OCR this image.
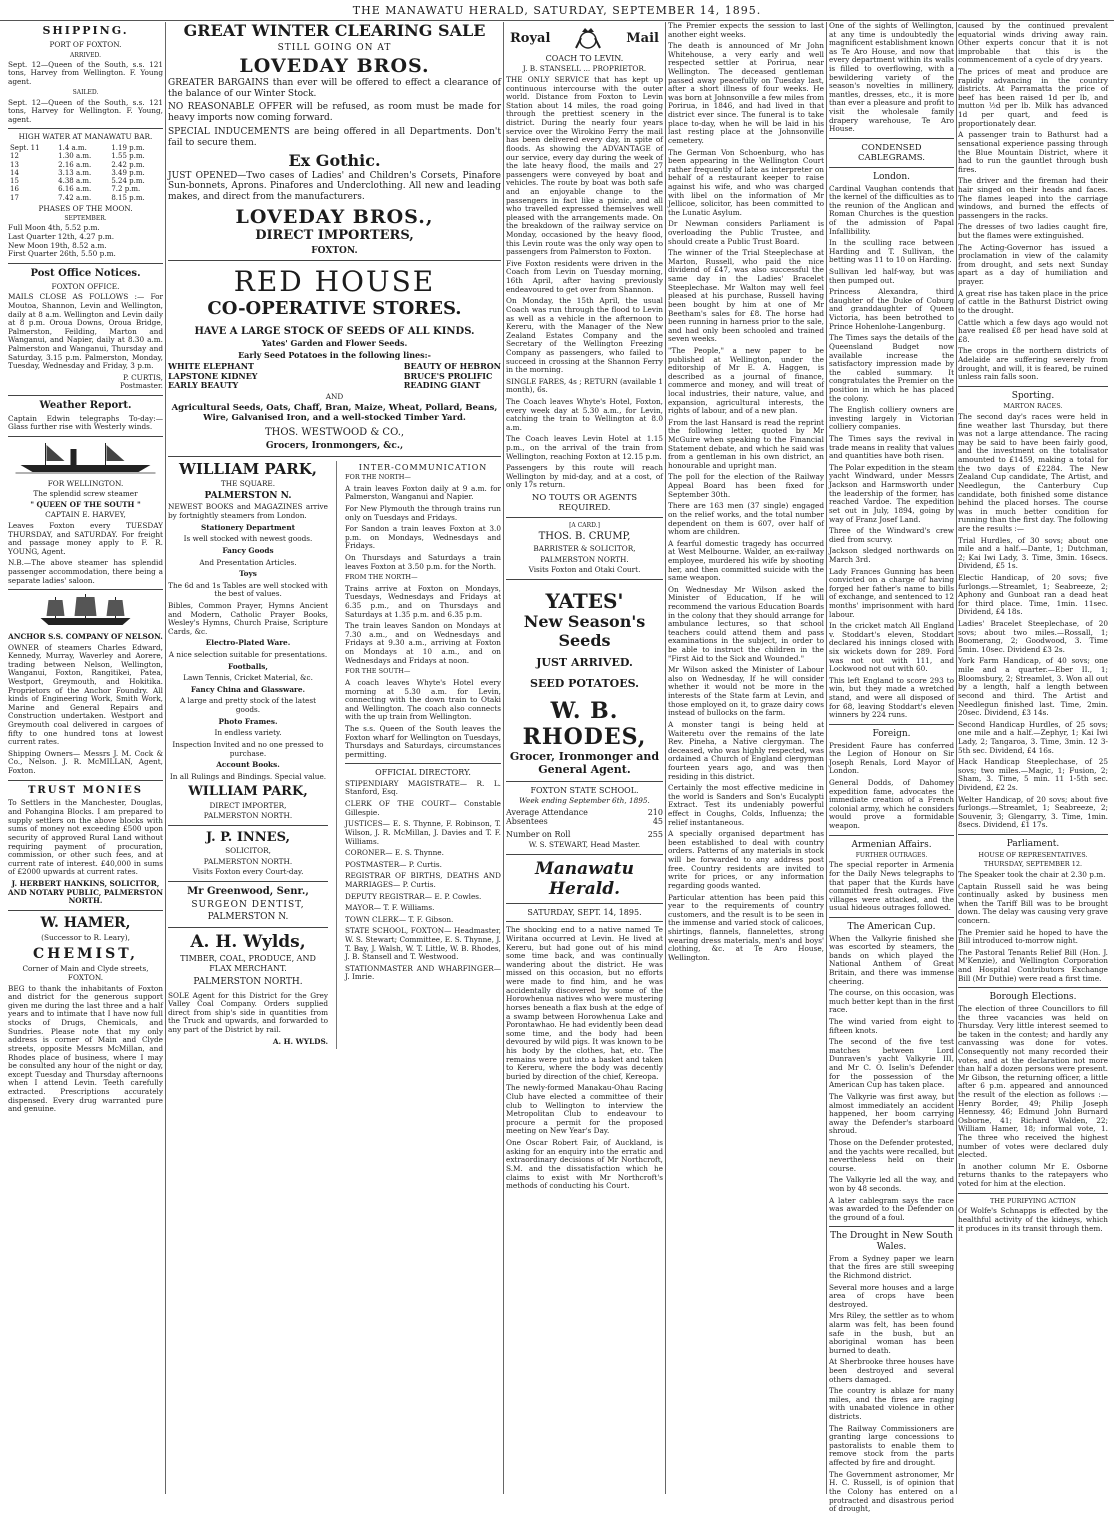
THE MANAWATU HERALD, SATURDAY, SEPTEMBER 14, 1895.
SHIPPING.
PORT OF FOXTON.
ARRIVED.

Sept. 12—Queen of the South, s.s. 121 tons, Harvey from Wellington. F. Young agent.

SAILED.

Sept. 12—Queen of the South, s.s. 121 tons, Harvey for Wellington. F. Young, agent.

HIGH WATER AT MANAWATU BAR.
Sept. 11	1.4 a.m.	1.19 p.m.
12	1.30 a.m.	1.55 p.m.
13	2.16 a.m.	2.42 p.m.
14	3.13 a.m.	3.49 p.m.
15	4.38 a.m.	5.24 p.m.
16	6.16 a.m.	7.2 p.m.
17	7.42 a.m.	8.15 p.m.
PHASES OF THE MOON.
SEPTEMBER.
Full Moon 4th, 5.52 p.m.
Last Quarter 12th, 4.27 p.m.
New Moon 19th, 8.52 a.m.
First Quarter 26th, 5.50 p.m.
Post Office Notices.
FOXTON OFFICE.

MAILS CLOSE AS FOLLOWS :— For Moutoa, Shannon, Levin and Wellington, daily at 8 a.m. Wellington and Levin daily at 8 p.m. Oroua Downs, Oroua Bridge, Palmerston, Feilding, Marton and Wanganui, and Napier, daily at 8.30 a.m. Palmerston and Wanganui, Thursday and Saturday, 3.15 p.m. Palmerston, Monday, Tuesday, Wednesday and Friday, 3 p.m.

P. CURTIS,

Postmaster.

Weather Report.

Captain Edwin telegraphs To-day:— Glass further rise with Westerly winds.

FOR WELLINGTON.
The splendid screw steamer
" QUEEN OF THE SOUTH "
CAPTAIN E. HARVEY,

Leaves Foxton every TUESDAY THURSDAY, and SATURDAY. For freight and passage money apply to F. R. YOUNG, Agent.

N.B.—The above steamer has splendid passenger accommodation, there being a separate ladies' saloon.

ANCHOR S.S. COMPANY OF NELSON.

OWNER of steamers Charles Edward, Kennedy, Murray, Waverley and Aorere, trading between Nelson, Wellington, Wanganui, Foxton, Rangitikei, Patea, Westport, Greymouth, and Hokitika. Proprietors of the Anchor Foundry. All kinds of Engineering Work, Smith Work, Marine and General Repairs and Construction undertaken. Westport and Greymouth coal delivered in cargoes of fifty to one hundred tons at lowest current rates.

Shipping Owners— Messrs J. M. Cock & Co., Nelson. J. R. McMILLAN, Agent, Foxton.

TRUST MONIES

To Settlers in the Manchester, Douglas, and Pohangina Blocks. I am prepared to supply settlers on the above blocks with sums of money not exceeding £500 upon security of approved Rural Land without requiring payment of procuration, commission, or other such fees, and at current rate of interest. £40,000 in sums of £2000 upwards at current rates.

J. HERBERT HANKINS, SOLICITOR, AND NOTARY PUBLIC, PALMERSTON NORTH.

W. HAMER,
(Successor to R. Leary),
CHEMIST,
Corner of Main and Clyde streets, FOXTON.

BEG to thank the inhabitants of Foxton and district for the generous support given me during the last three and a half years and to intimate that I have now full stocks of Drugs, Chemicals, and Sundries. Please note that my only address is corner of Main and Clyde streets, opposite Messrs McMillan, and Rhodes place of business, where I may be consulted any hour of the night or day, except Tuesday and Thursday afternoons when I attend Levin. Teeth carefully extracted. Prescriptions accurately dispensed. Every drug warranted pure and genuine.

GREAT WINTER CLEARING SALE
STILL GOING ON AT
LOVEDAY BROS.

GREATER BARGAINS than ever will be offered to effect a clearance of the balance of our Winter Stock.

NO REASONABLE OFFER will be refused, as room must be made for heavy imports now coming forward.

SPECIAL INDUCEMENTS are being offered in all Departments. Don't fail to secure them.

Ex Gothic.

JUST OPENED—Two cases of Ladies' and Children's Corsets, Pinafore Sun-bonnets, Aprons. Pinafores and Underclothing. All new and leading makes, and direct from the manufacturers.

LOVEDAY BROS.,
DIRECT IMPORTERS,
FOXTON.
RED HOUSE
CO-OPERATIVE STORES.
HAVE A LARGE STOCK OF SEEDS OF ALL KINDS.
Yates' Garden and Flower Seeds.
Early Seed Potatoes in the following lines:-
WHITE ELEPHANT
LAPSTONE KIDNEY
EARLY BEAUTY
BEAUTY OF HEBRON
BRUCE'S PROLIFIC
READING GIANT
AND
Agricultural Seeds, Oats, Chaff, Bran, Maize, Wheat, Pollard, Beans, Wire, Galvanised Iron, and a well-stocked Timber Yard.
THOS. WESTWOOD & CO.,
Grocers, Ironmongers, &c.,
WILLIAM PARK,
THE SQUARE.
PALMERSTON N.

NEWEST BOOKS and MAGAZINES arrive by fortnightly steamers from London.

Stationery Department

Is well stocked with newest goods.

Fancy Goods

And Presentation Articles.

Toys

The 6d and 1s Tables are well stocked with the best of values.

Bibles, Common Prayer, Hymns Ancient and Modern, Catholic Prayer Books, Wesley's Hymns, Church Praise, Scripture Cards, &c.

Electro-Plated Ware.

A nice selection suitable for presentations.

Footballs,

Lawn Tennis, Cricket Material, &c.

Fancy China and Glassware.

A large and pretty stock of the latest goods.

Photo Frames.

In endless variety.

Inspection Invited and no one pressed to purchase.

Account Books.

In all Rulings and Bindings. Special value.

WILLIAM PARK,
DIRECT IMPORTER,
PALMERSTON NORTH.
J. P. INNES,
SOLICITOR,
PALMERSTON NORTH.
Visits Foxton every Court-day.
Mr Greenwood, Senr.,
SURGEON DENTIST,
PALMERSTON N.
A. H. Wylds,
TIMBER, COAL, PRODUCE, AND FLAX MERCHANT.
PALMERSTON NORTH.

SOLE Agent for this District for the Grey Valley Coal Company. Orders supplied direct from ship's side in quantities from the Truck and upwards, and forwarded to any part of the District by rail.

A. H. WYLDS.

INTER-COMMUNICATION

FOR THE NORTH—

A train leaves Foxton daily at 9 a.m. for Palmerston, Wanganui and Napier.

For New Plymouth the through trains run only on Tuesdays and Fridays.

For Sandon a train leaves Foxton at 3.0 p.m. on Mondays, Wednesdays and Fridays.

On Thursdays and Saturdays a train leaves Foxton at 3.50 p.m. for the North.

FROM THE NORTH—

Trains arrive at Foxton on Mondays, Tuesdays, Wednesdays and Fridays at 6.35 p.m., and on Thursdays and Saturdays at 1.35 p.m. and 6.35 p.m.

The train leaves Sandon on Mondays at 7.30 a.m., and on Wednesdays and Fridays at 9.30 a.m., arriving at Foxton on Mondays at 10 a.m., and on Wednesdays and Fridays at noon.

FOR THE SOUTH—

A coach leaves Whyte's Hotel every morning at 5.30 a.m. for Levin, connecting with the down train to Otaki and Wellington. The coach also connects with the up train from Wellington.

The s.s. Queen of the South leaves the Foxton wharf for Wellington on Tuesdays, Thursdays and Saturdays, circumstances permitting.

OFFICIAL DIRECTORY.

STIPENDIARY MAGISTRATE— R. L. Stanford, Esq.

CLERK OF THE COURT— Constable Gillespie.

JUSTICES— E. S. Thynne, F. Robinson, T. Wilson, J. R. McMillan, J. Davies and T. F. Williams.

CORONER— E. S. Thynne.

POSTMASTER— P. Curtis.

REGISTRAR OF BIRTHS, DEATHS AND MARRIAGES— P. Curtis.

DEPUTY REGISTRAR— E. P. Cowles.

MAYOR— T. F. Williams.

TOWN CLERK— T. F. Gibson.

STATE SCHOOL, FOXTON— Headmaster, W. S. Stewart; Committee, E. S. Thynne, J. T. Bay, J. Walsh, W. T. Little, W. B. Rhodes, J. B. Stansell and T. Westwood.

STATIONMASTER AND WHARFINGER— J. Imrie.

Royal	Mail
COACH TO LEVIN.
J. B. STANSELL ... PROPRIETOR.

THE ONLY SERVICE that has kept up continuous intercourse with the outer world. Distance from Foxton to Levin Station about 14 miles, the road going through the prettiest scenery in the district. During the nearly four years service over the Wirokino Ferry the mail has been delivered every day, in spite of floods. As showing the ADVANTAGE of our service, every day during the week of the late heavy flood, the mails and 27 passengers were conveyed by boat and vehicles. The route by boat was both safe and an enjoyable change to the passengers in fact like a picnic, and all who travelled expressed themselves well pleased with the arrangements made. On the breakdown of the railway service on Monday, occasioned by the heavy flood, this Levin route was the only way open to passengers from Palmerston to Foxton.

Five Foxton residents were driven in the Coach from Levin on Tuesday morning, 16th April, after having previously endeavoured to get over from Shannon.

On Monday, the 15th April, the usual Coach was run through the flood to Levin as well as a vehicle in the afternoon to Kereru, with the Manager of the New Zealand Estates Company and the Secretary of the Wellington Freezing Company as passengers, who failed to succeed in crossing at the Shannon Ferry in the morning.

SINGLE FARES, 4s ; RETURN (available 1 month), 6s.

The Coach leaves Whyte's Hotel, Foxton, every week day at 5.30 a.m., for Levin, catching the train to Wellington at 8.0 a.m.

The Coach leaves Levin Hotel at 1.15 p.m., on the arrival of the train from Wellington, reaching Foxton at 12.15 p.m.

Passengers by this route will reach Wellington by mid-day, and at a cost, of only 17s return.

NO TOUTS OR AGENTS REQUIRED.
[A CARD.]
THOS. B. CRUMP,
BARRISTER & SOLICITOR,
PALMERSTON NORTH.
Visits Foxton and Otaki Court.
YATES'
New Season's Seeds
JUST ARRIVED.
SEED POTATOES.
W. B. RHODES,
Grocer, Ironmonger and General Agent.
FOXTON STATE SCHOOL.
Week ending September 6th, 1895.
Average Attendance	210
Absentees	45
Number on Roll	255
W. S. STEWART, Head Master.
Manawatu Herald.
SATURDAY, SEPT. 14, 1895.

The shocking end to a native named Te Wiritana occurred at Levin. He lived at Kereru, but had gone out of his mind some time back, and was continually wandering about the district. He was missed on this occasion, but no efforts were made to find him, and he was accidentally discovered by some of the Horowhenua natives who were mustering horses beneath a flax bush at the edge of a swamp between Horowhenua Lake and Porontawhao. He had evidently been dead some time, and the body had been devoured by wild pigs. It was known to be his body by the clothes, hat, etc. The remains were put into a basket and taken to Kereru, where the body was decently buried by direction of the chief, Kereopa.

The newly-formed Manakau-Ohau Racing Club have elected a committee of their club to Wellington to interview the Metropolitan Club to endeavour to procure a permit for the proposed meeting on New Year's Day.

One Oscar Robert Fair, of Auckland, is asking for an enquiry into the erratic and extraordinary decisions of Mr Northcroft, S.M. and the dissatisfaction which he claims to exist with Mr Northcroft's methods of conducting his Court.

The Premier expects the session to last another eight weeks.

The death is announced of Mr John Whitehouse, a very early and well respected settler at Porirua, near Wellington. The deceased gentleman passed away peacefully on Tuesday last, after a short illness of four weeks. He was born at Johnsonville a few miles from Porirua, in 1846, and had lived in that district ever since. The funeral is to take place to-day, when he will be laid in his last resting place at the Johnsonville cemetery.

The German Von Schoenburg, who has been appearing in the Wellington Court rather frequently of late as interpreter on behalf of a restaurant keeper to raise against his wife, and who was charged with libel on the information of Mr Jellicoe, solicitor, has been committed to the Lunatic Asylum.

Dr Newman considers Parliament is overloading the Public Trustee, and should create a Public Trust Board.

The winner of the Trial Steeplechase at Marton, Russell, who paid the nice dividend of £47, was also successful the same day in the Ladies' Bracelet Steeplechase. Mr Walton may well feel pleased at his purchase, Russell having been bought by him at one of Mr Beetham's sales for £8. The horse had been running in harness prior to the sale, and had only been schooled and trained seven weeks.

"The People," a new paper to be published at Wellington, under the editorship of Mr E. A. Haggen, is described as a journal of finance, commerce and money, and will treat of local industries, their nature, value, and expansion, agricultural interests, the rights of labour, and of a new plan.

From the last Hansard is read the reprint the following letter, quoted by Mr McGuire when speaking to the Financial Statement debate, and which he said was from a gentleman in his own district, an honourable and upright man.

The poll for the election of the Railway Appeal Board has been fixed for September 30th.

There are 163 men (37 single) engaged on the relief works, and the total number dependent on them is 607, over half of whom are children.

A fearful domestic tragedy has occurred at West Melbourne. Walder, an ex-railway employee, murdered his wife by shooting her, and then committed suicide with the same weapon.

On Wednesday Mr Wilson asked the Minister of Education, If he will recommend the various Education Boards in the colony that they should arrange for ambulance lectures, so that school teachers could attend them and pass examinations in the subject, in order to be able to instruct the children in the "First Aid to the Sick and Wounded."

Mr Wilson asked the Minister of Labour also on Wednesday, If he will consider whether it would not be more in the interests of the State farm at Levin, and those employed on it, to graze dairy cows instead of bullocks on the farm.

A monster tangi is being held at Waiteretu over the remains of the late Rev. Pineha, a Native clergyman. The deceased, who was highly respected, was ordained a Church of England clergyman fourteen years ago, and was then residing in this district.

Certainly the most effective medicine in the world is Sanders and Son's Eucalypti Extract. Test its undeniably powerful effect in Coughs, Colds, Influenza; the relief instantaneous.

A specially organised department has been established to deal with country orders. Patterns of any materials in stock will be forwarded to any address post free. Country residents are invited to write for prices, or any information regarding goods wanted.

Particular attention has been paid this year to the requirements of country customers, and the result is to be seen in the immense and varied stock of calicoes, shirtings, flannels, flannelettes, strong wearing dress materials, men's and boys' clothing, &c. at Te Aro House, Wellington.

One of the sights of Wellington, at any time is undoubtedly the magnificent establishment known as Te Aro House, and now that every department within its walls is filled to overflowing, with a bewildering variety of the season's novelties in millinery, mantles, dresses, etc., it is more than ever a pleasure and profit to visit the wholesale family drapery warehouse, Te Aro House.

CONDENSED CABLEGRAMS.
London.

Cardinal Vaughan contends that the kernel of the difficulties as to the reunion of the Anglican and Roman Churches is the question of the admission of Papal Infallibility.

In the sculling race between Harding and T. Sullivan, the betting was 11 to 10 on Harding.

Sullivan led half-way, but was then pumped out.

Princess Alexandra, third daughter of the Duke of Coburg and granddaughter of Queen Victoria, has been betrothed to Prince Hohenlohe-Langenburg.

The Times says the details of the Queensland Budget now available increase the satisfactory impression made by the cabled summary. It congratulates the Premier on the position in which he has placed the colony.

The English colliery owners are investing largely in Victorian colliery companies.

The Times says the revival in trade means in reality that values and quantities have both risen.

The Polar expedition in the steam yacht Windward, under Messrs Jackson and Harmsworth under the leadership of the former, has reached Vardoe. The expedition set out in July, 1894, going by way of Franz Josef Land.

Three of the Windward's crew died from scurvy.

Jackson sledged northwards on March 3rd.

Lady Frances Gunning has been convicted on a charge of having forged her father's name to bills of exchange, and sentenced to 12 months' imprisonment with hard labour.

In the cricket match All England v. Stoddart's eleven, Stoddart declared his innings closed with six wickets down for 289. Ford was not out with 111, and Lockwood not out with 60.

This left England to score 293 to win, but they made a wretched stand, and were all disposed of for 68, leaving Stoddart's eleven winners by 224 runs.

Foreign.

President Faure has conferred the Legion of Honour on Sir Joseph Renals, Lord Mayor of London.

General Dodds, of Dahomey expedition fame, advocates the immediate creation of a French colonial army, which he considers would prove a formidable weapon.

Armenian Affairs.
FURTHER OUTRAGES.

The special reporter in Armenia for the Daily News telegraphs to that paper that the Kurds have committed fresh outrages. Five villages were attacked, and the usual hideous outrages followed.

The American Cup.

When the Valkyrie finished she was escorted by steamers, the bands on which played the National Anthem of Great Britain, and there was immense cheering.

The course, on this occasion, was much better kept than in the first race.

The wind varied from eight to fifteen knots.

The second of the five test matches between Lord Dunraven's yacht Valkyrie III, and Mr C. O. Iselin's Defender for the possession of the American Cup has taken place.

The Valkyrie was first away, but almost immediately an accident happened, her boom carrying away the Defender's starboard shroud.

Those on the Defender protested, and the yachts were recalled, but nevertheless held on their course.

The Valkyrie led all the way, and won by 48 seconds.

A later cablegram says the race was awarded to the Defender on the ground of a foul.

The Drought in New South Wales.

From a Sydney paper we learn that the fires are still sweeping the Richmond district.

Several more houses and a large area of crops have been destroyed.

Mrs Riley, the settler as to whom alarm was felt, has been found safe in the bush, but an aboriginal woman has been burned to death.

At Sherbrooke three houses have been destroyed and several others damaged.

The country is ablaze for many miles, and the fires are raging with unabated violence in other districts.

The Railway Commissioners are granting large concessions to pastoralists to enable them to remove stock from the parts affected by fire and drought.

The Government astronomer, Mr H. C. Russell, is of opinion that the Colony has entered on a protracted and disastrous period of drought,

caused by the continued prevalent equatorial winds driving away rain. Other experts concur that it is not improbable that this is the commencement of a cycle of dry years.

The prices of meat and produce are rapidly advancing in the country districts. At Parramatta the price of beef has been raised 1d per lb, and mutton ½d per lb. Milk has advanced 1d per quart, and feed is proportionately dear.

A passenger train to Bathurst had a sensational experience passing through the Blue Mountain District, where it had to run the gauntlet through bush fires.

The driver and the fireman had their hair singed on their heads and faces. The flames leaped into the carriage windows, and burned the effects of passengers in the racks.

The dresses of two ladies caught fire, but the flames were extinguished.

The Acting-Governor has issued a proclamation in view of the calamity from drought, and sets next Sunday apart as a day of humiliation and prayer.

A great rise has taken place in the price of cattle in the Bathurst District owing to the drought.

Cattle which a few days ago would not have realised £8 per head have sold at £8.

The crops in the northern districts of Adelaide are suffering severely from drought, and will, it is feared, be ruined unless rain falls soon.

Sporting.
MARTON RACES.

The second day's races were held in fine weather last Thursday, but there was not a large attendance. The racing may be said to have been fairly good, and the investment on the totalisator amounted to £1459, making a total for the two days of £2284. The New Zealand Cup candidate, The Artist, and Needlegun, the Canterbury Cup candidate, both finished some distance behind the placed horses. The course was in much better condition for running than the first day. The following are the results :—

Trial Hurdles, of 30 sovs; about one mile and a half.—Dante, 1; Dutchman, 2; Kai Iwi Lady, 3. Time, 3min. 16secs. Dividend, £5 1s.

Electic Handicap, of 20 sovs; five furlongs.—Streamlet, 1; Seabreeze, 2; Aphony and Gunboat ran a dead heat for third place. Time, 1min. 11sec. Dividend, £4 18s.

Ladies' Bracelet Steeplechase, of 20 sovs; about two miles.—Rossall, 1; Boomerang, 2; Goodwood, 3. Time 5min. 10sec. Dividend £3 2s.

York Farm Handicap, of 40 sovs; one mile and a quarter.—Eber II., 1; Bloomsbury, 2; Streamlet, 3. Won all out by a length, half a length between second and third. The Artist and Needlegun finished last. Time, 2min. 20sec. Dividend, £3 14s.

Second Handicap Hurdles, of 25 sovs; one mile and a half.—Zephyr, 1; Kai Iwi Lady, 2; Tangaroa, 3. Time, 3min. 12 3-5th sec. Dividend, £4 16s.

Hack Handicap Steeplechase, of 25 sovs; two miles.—Magic, 1; Fusion, 2; Sham, 3. Time, 5 min. 11 1-5th sec. Dividend, £2 2s.

Welter Handicap, of 20 sovs; about five furlongs.—Streamlet, 1; Seabreeze, 2; Souvenir, 3; Glengarry, 3. Time, 1min. 8secs. Dividend, £1 17s.

Parliament.
HOUSE OF REPRESENTATIVES.
THURSDAY, SEPTEMBER 12.

The Speaker took the chair at 2.30 p.m.

Captain Russell said he was being continually asked by business men when the Tariff Bill was to be brought down. The delay was causing very grave concern.

The Premier said he hoped to have the Bill introduced to-morrow night.

The Pastoral Tenants Relief Bill (Hon. J. M'Kenzie), and Wellington Corporation and Hospital Contributors Exchange Bill (Mr Duthie) were read a first time.

Borough Elections.

The election of three Councillors to fill the three vacancies was held on Thursday. Very little interest seemed to be taken in the contest; and hardly any canvassing was done for votes. Consequently not many recorded their votes, and at the declaration not more than half a dozen persons were present. Mr Gibson, the returning officer, a little after 6 p.m. appeared and announced the result of the election as follows :—Henry Border, 49; Philip Joseph Hennessy, 46; Edmund John Burnard Osborne, 41; Richard Walden, 22; William Hamer, 18; informal vote, 1. The three who received the highest number of votes were declared duly elected.

In another column Mr E. Osborne returns thanks to the ratepayers who voted for him at the election.

THE PURIFYING ACTION

Of Wolfe's Schnapps is effected by the healthful activity of the kidneys, which it produces in its transit through them.
